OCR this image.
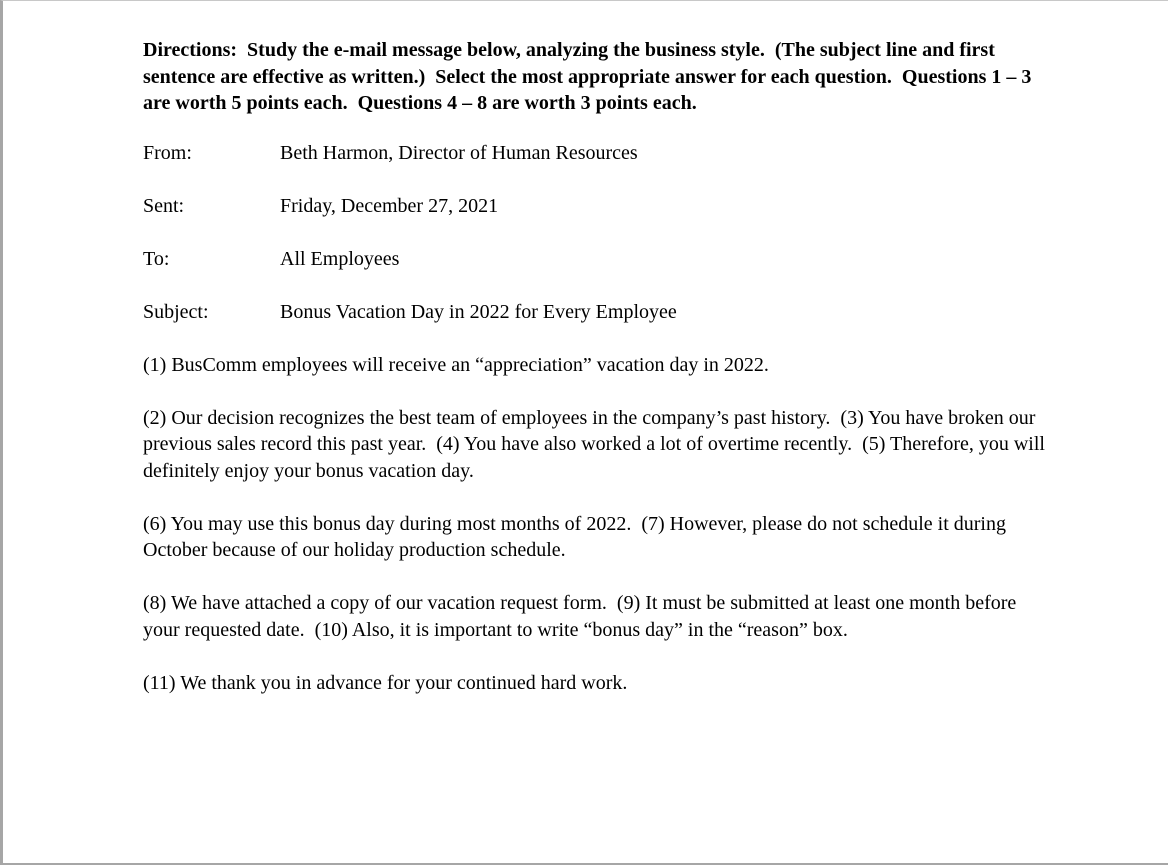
Directions:  Study the e-mail message below, analyzing the business style.  (The subject line and first sentence are effective as written.)  Select the most appropriate answer for each question.  Questions 1 – 3 are worth 5 points each.  Questions 4 – 8 are worth 3 points each.

From:	Beth Harmon, Director of Human Resources
Sent:	Friday, December 27, 2021
To:	All Employees
Subject:	Bonus Vacation Day in 2022 for Every Employee

(1) BusComm employees will receive an “appreciation” vacation day in 2022.

(2) Our decision recognizes the best team of employees in the company’s past history.  (3) You have broken our previous sales record this past year.  (4) You have also worked a lot of overtime recently.  (5) Therefore, you will definitely enjoy your bonus vacation day.

(6) You may use this bonus day during most months of 2022.  (7) However, please do not schedule it during October because of our holiday production schedule.

(8) We have attached a copy of our vacation request form.  (9) It must be submitted at least one month before your requested date.  (10) Also, it is important to write “bonus day” in the “reason” box.

(11) We thank you in advance for your continued hard work.
